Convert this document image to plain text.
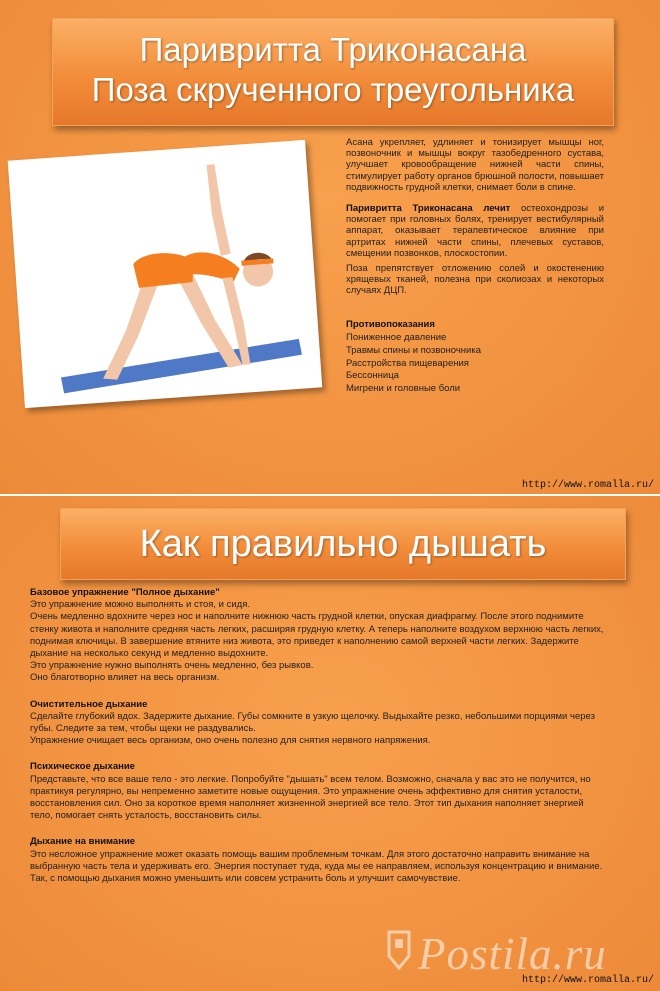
Паривритта Триконасана
Поза скрученного треугольника

Асана укрепляет, удлиняет и тонизирует мышцы ног, позвоночник и мышцы вокруг тазобедренного сустава, улучшает кровообращение нижней части спины, стимулирует работу органов брюшной полости, повышает подвижность грудной клетки, снимает боли в спине.

Паривритта Триконасана лечит остеохондрозы и помогает при головных болях, тренирует вестибулярный аппарат, оказывает терапевтическое влияние при артритах нижней части спины, плечевых суставов, смещении позвонков, плоскостопии.

Поза препятствует отложению солей и окостенению хрящевых тканей, полезна при сколиозах и некоторых случаях ДЦП.

Противопоказания
Пониженное давление
Травмы спины и позвоночника
Расстройства пищеварения
Бессонница
Мигрени и головные боли
http://www.romalla.ru/
Как правильно дышать
Базовое упражнение "Полное дыхание"
Это упражнение можно выполнять и стоя, и сидя.
Очень медленно вдохните через нос и наполните нижнюю часть грудной клетки, опуская диафрагму. После этого поднимите
стенку живота и наполните средняя часть легких, расширяя грудную клетку. А теперь наполните воздухом верхнюю часть легких,
поднимая ключицы. В завершение втяните низ живота, это приведет к наполнению самой верхней части легких. Задержите
дыхание на несколько секунд и медленно выдохните.
Это упражнение нужно выполнять очень медленно, без рывков.
Оно благотворно влияет на весь организм.
Очистительное дыхание
Сделайте глубокий вдох. Задержите дыхание. Губы сомкните в узкую щелочку. Выдыхайте резко, небольшими порциями через
губы. Следите за тем, чтобы щеки не раздувались.
Упражнение очищает весь организм, оно очень полезно для снятия нервного напряжения.
Психическое дыхание
Представьте, что все ваше тело - это легкие. Попробуйте "дышать" всем телом. Возможно, сначала у вас это не получится, но
практикуя регулярно, вы непременно заметите новые ощущения. Это упражнение очень эффективно для снятия усталости,
восстановления сил. Оно за короткое время наполняет жизненной энергией все тело. Этот тип дыхания наполняет энергией
тело, помогает снять усталость, восстановить силы.
Дыхание на внимание
Это несложное упражнение может оказать помощь вашим проблемным точкам. Для этого достаточно направить внимание на
выбранную часть тела и удерживать его. Энергия поступает туда, куда мы ее направляем, используя концентрацию и внимание.
Так, с помощью дыхания можно уменьшить или совсем устранить боль и улучшит самочувствие.
Postila.ru
http://www.romalla.ru/
